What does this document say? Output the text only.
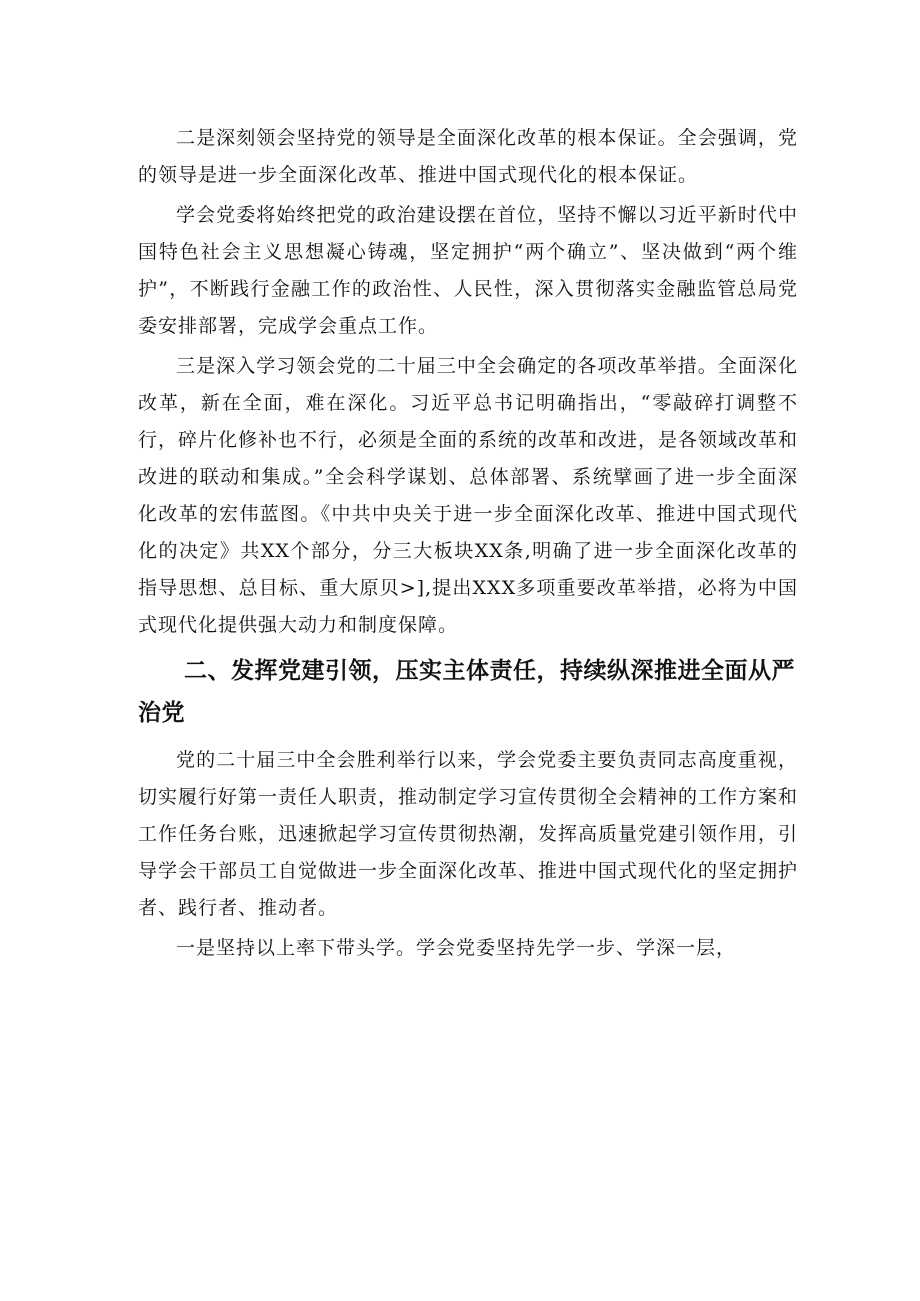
二是深刻领会坚持党的领导是全面深化改革的根本保证。全会强调，党的领导是进一步全面深化改革、推进中国式现代化的根本保证。

学会党委将始终把党的政治建设摆在首位，坚持不懈以习近平新时代中国特色社会主义思想凝心铸魂，坚定拥护“两个确立”、坚决做到“两个维护”，不断践行金融工作的政治性、人民性，深入贯彻落实金融监管总局党委安排部署，完成学会重点工作。

三是深入学习领会党的二十届三中全会确定的各项改革举措。全面深化改革，新在全面，难在深化。习近平总书记明确指出，“零敲碎打调整不行，碎片化修补也不行，必须是全面的系统的改革和改进，是各领域改革和改进的联动和集成。”全会科学谋划、总体部署、系统擘画了进一步全面深化改革的宏伟蓝图。《中共中央关于进一步全面深化改革、推进中国式现代化的决定》共XX个部分，分三大板块XX条,明确了进一步全面深化改革的指导思想、总目标、重大原贝>],提出XXX多项重要改革举措，必将为中国式现代化提供强大动力和制度保障。

二、发挥党建引领，压实主体责任，持续纵深推进全面从严治党

党的二十届三中全会胜利举行以来，学会党委主要负责同志高度重视，切实履行好第一责任人职责，推动制定学习宣传贯彻全会精神的工作方案和工作任务台账，迅速掀起学习宣传贯彻热潮，发挥高质量党建引领作用，引导学会干部员工自觉做进一步全面深化改革、推进中国式现代化的坚定拥护者、践行者、推动者。

一是坚持以上率下带头学。学会党委坚持先学一步、学深一层，
